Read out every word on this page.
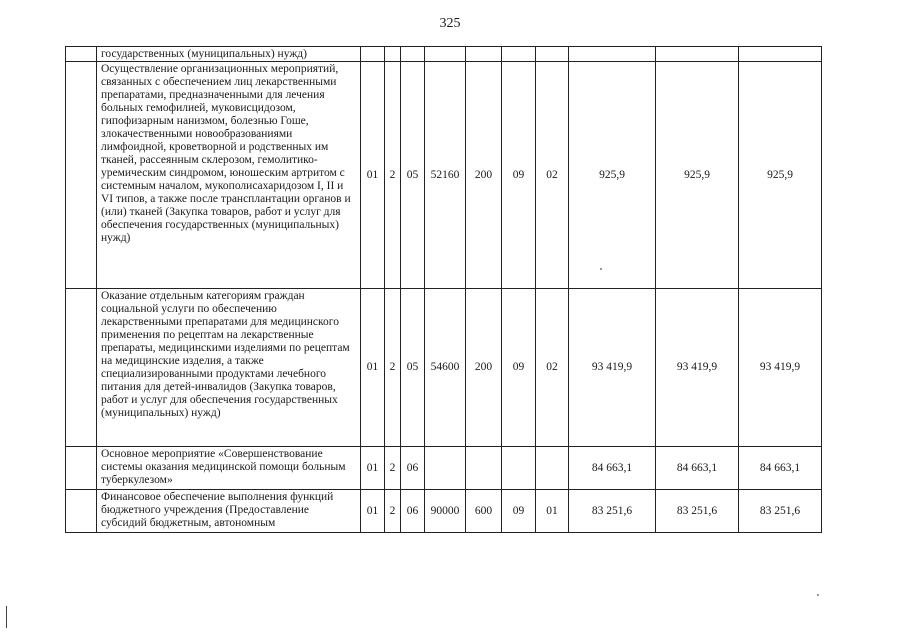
325
	государственных (муниципальных) нужд)										
	Осуществление организационных мероприятий, связанных с обеспечением лиц лекарственными препаратами, предназначенными для лечения больных гемофилией, муковисцидозом, гипофизарным нанизмом, болезнью Гоше, злокачественными новообразованиями лимфоидной, кроветворной и родственных им тканей, рассеянным склерозом, гемолитико-уремическим синдромом, юношеским артритом с системным началом, мукополисахаридозом I, II и VI типов, а также после трансплантации органов и (или) тканей (Закупка товаров, работ и услуг для обеспечения государственных (муниципальных) нужд)	01	2	05	52160	200	09	02	925,9	925,9	925,9
	Оказание отдельным категориям граждан социальной услуги по обеспечению лекарственными препаратами для медицинского применения по рецептам на лекарственные препараты, медицинскими изделиями по рецептам на медицинские изделия, а также специализированными продуктами лечебного питания для детей-инвалидов (Закупка товаров, работ и услуг для обеспечения государственных (муниципальных) нужд)	01	2	05	54600	200	09	02	93 419,9	93 419,9	93 419,9
	Основное мероприятие «Совершенствование системы оказания медицинской помощи больным туберкулезом»	01	2	06					84 663,1	84 663,1	84 663,1
	Финансовое обеспечение выполнения функций бюджетного учреждения (Предоставление субсидий бюджетным, автономным	01	2	06	90000	600	09	01	83 251,6	83 251,6	83 251,6
